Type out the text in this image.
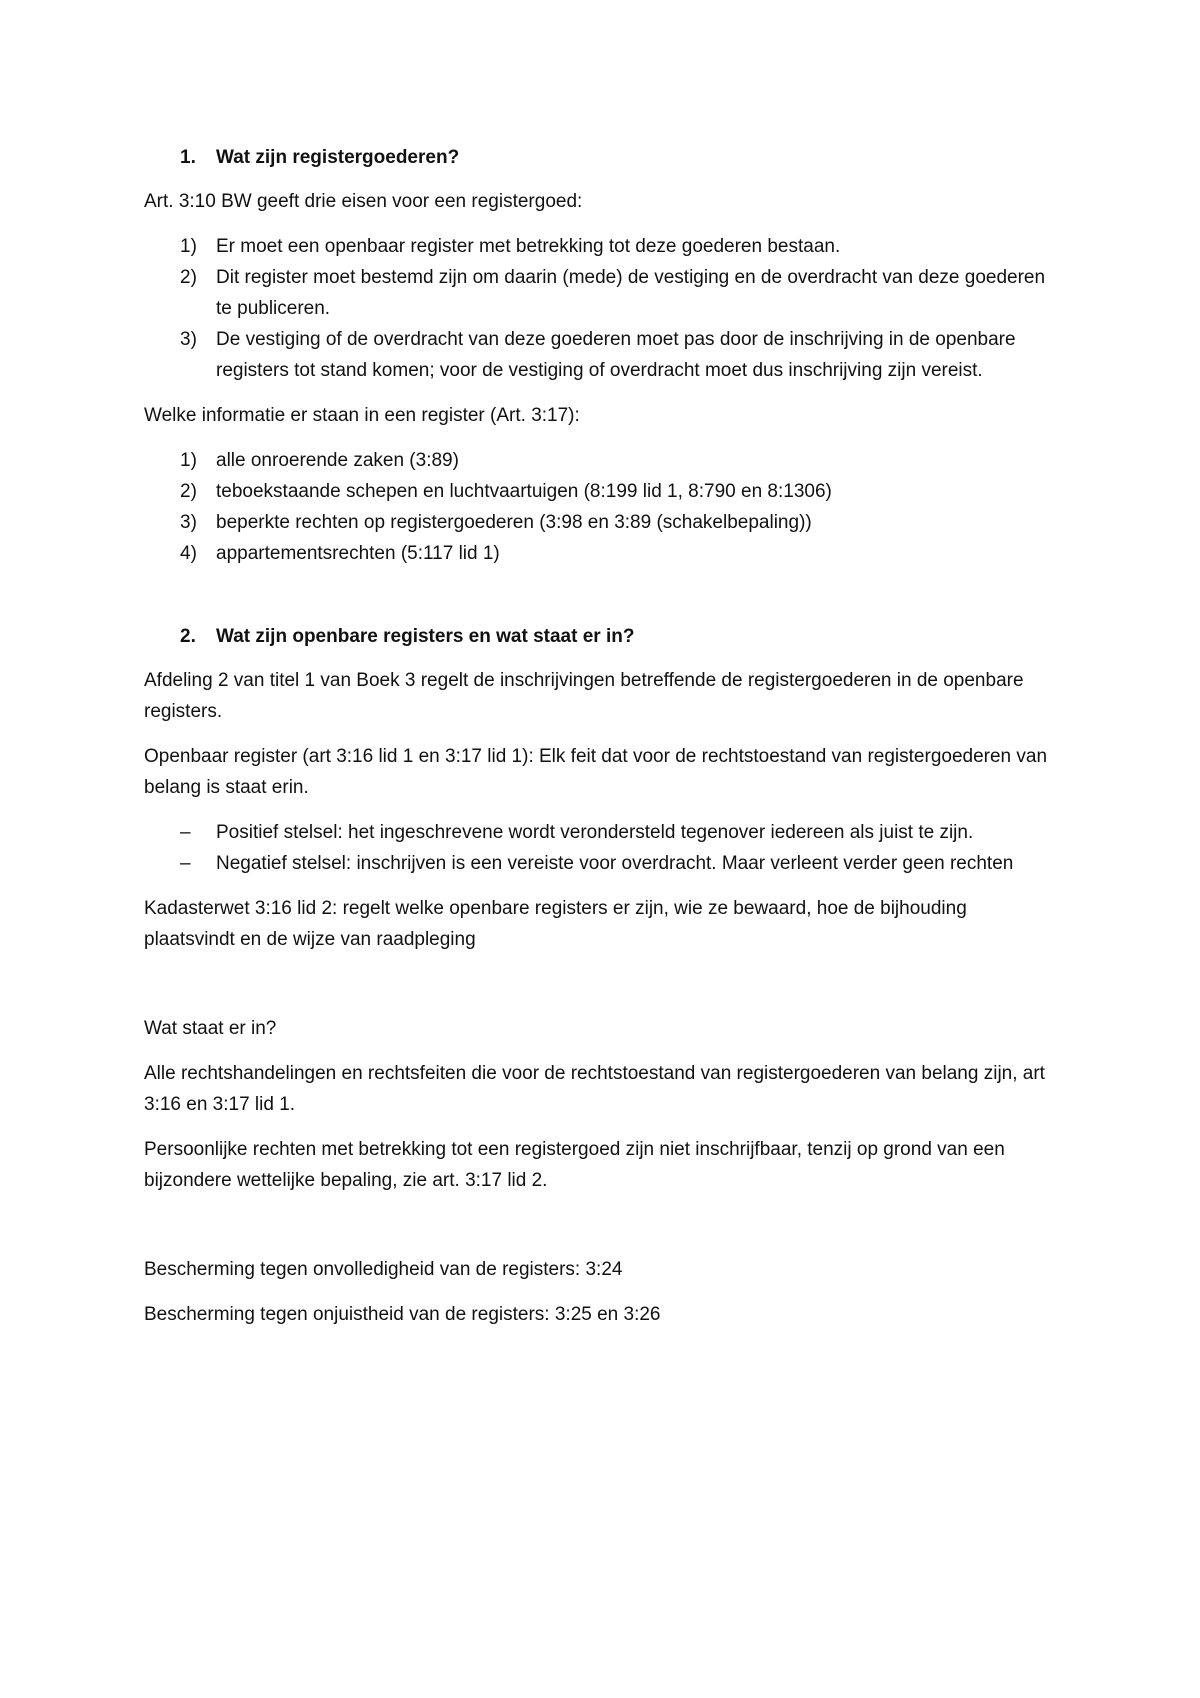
1.	Wat zijn registergoederen?

Art. 3:10 BW geeft drie eisen voor een registergoed:

1)	Er moet een openbaar register met betrekking tot deze goederen bestaan.
2)	Dit register moet bestemd zijn om daarin (mede) de vestiging en de overdracht van deze goederen te publiceren.
3)	De vestiging of de overdracht van deze goederen moet pas door de inschrijving in de openbare registers tot stand komen; voor de vestiging of overdracht moet dus inschrijving zijn vereist.

Welke informatie er staan in een register (Art. 3:17):

1)	alle onroerende zaken (3:89)
2)	teboekstaande schepen en luchtvaartuigen (8:199 lid 1, 8:790 en 8:1306)
3)	beperkte rechten op registergoederen (3:98 en 3:89 (schakelbepaling))
4)	appartementsrechten (5:117 lid 1)
2.	Wat zijn openbare registers en wat staat er in?

Afdeling 2 van titel 1 van Boek 3 regelt de inschrijvingen betreffende de registergoederen in de openbare registers.

Openbaar register (art 3:16 lid 1 en 3:17 lid 1): Elk feit dat voor de rechtstoestand van registergoederen van belang is staat erin.

–	Positief stelsel: het ingeschrevene wordt verondersteld tegenover iedereen als juist te zijn.
–	Negatief stelsel: inschrijven is een vereiste voor overdracht. Maar verleent verder geen rechten

Kadasterwet 3:16 lid 2: regelt welke openbare registers er zijn, wie ze bewaard, hoe de bijhouding plaatsvindt en de wijze van raadpleging

Wat staat er in?

Alle rechtshandelingen en rechtsfeiten die voor de rechtstoestand van registergoederen van belang zijn, art 3:16 en 3:17 lid 1.

Persoonlijke rechten met betrekking tot een registergoed zijn niet inschrijfbaar, tenzij op grond van een bijzondere wettelijke bepaling, zie art. 3:17 lid 2.

Bescherming tegen onvolledigheid van de registers: 3:24

Bescherming tegen onjuistheid van de registers: 3:25 en 3:26
